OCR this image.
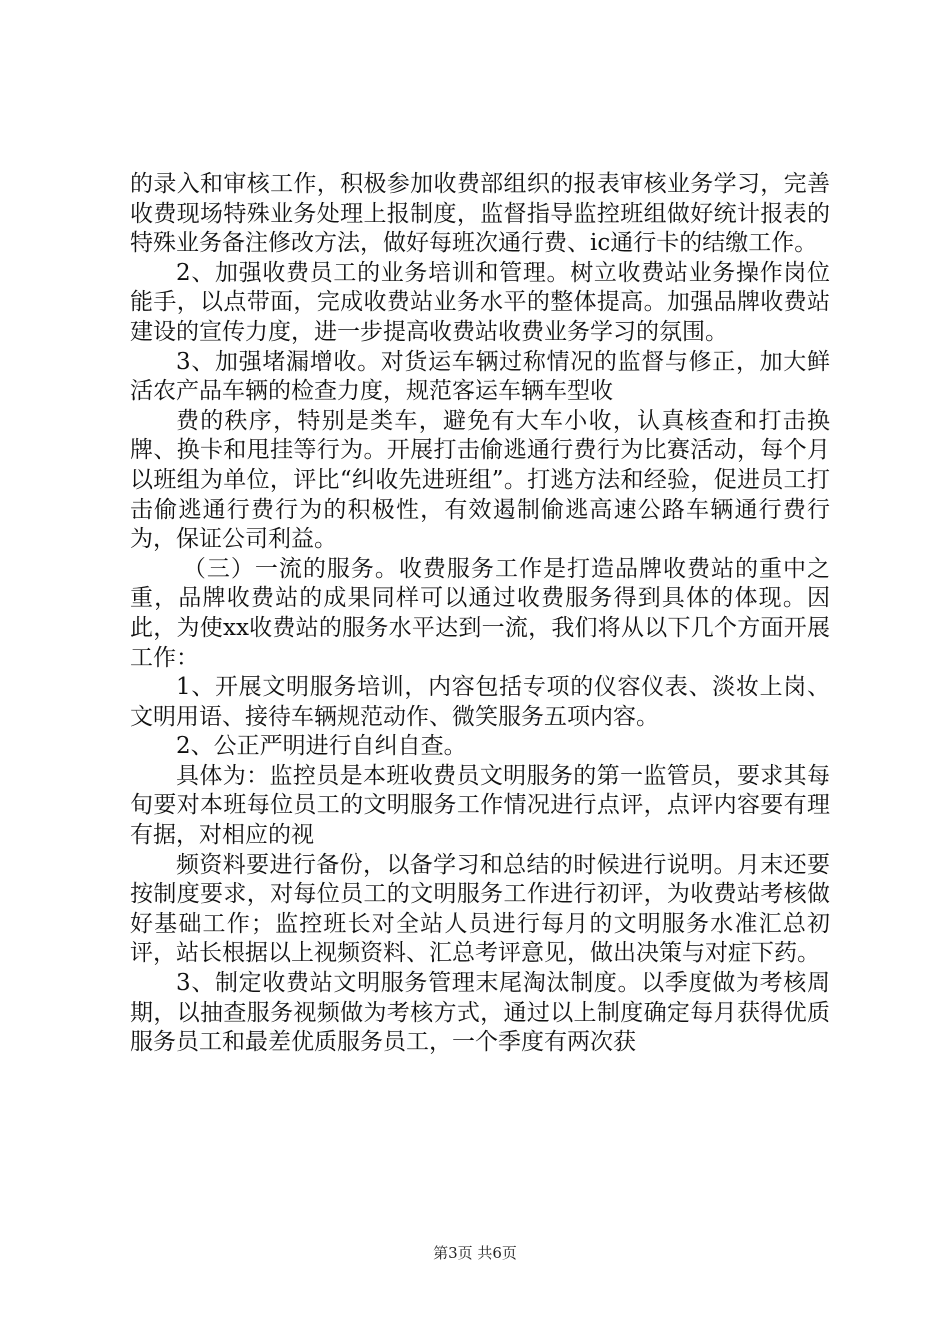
的录入和审核工作，积极参加收费部组织的报表审核业务学习，完善收费现场特殊业务处理上报制度，监督指导监控班组做好统计报表的特殊业务备注修改方法，做好每班次通行费、ic通行卡的结缴工作。

2、加强收费员工的业务培训和管理。树立收费站业务操作岗位能手，以点带面，完成收费站业务水平的整体提高。加强品牌收费站建设的宣传力度，进一步提高收费站收费业务学习的氛围。

3、加强堵漏增收。对货运车辆过称情况的监督与修正，加大鲜活农产品车辆的检查力度，规范客运车辆车型收

费的秩序，特别是类车，避免有大车小收，认真核查和打击换牌、换卡和甩挂等行为。开展打击偷逃通行费行为比赛活动，每个月以班组为单位，评比“纠收先进班组”。打逃方法和经验，促进员工打击偷逃通行费行为的积极性，有效遏制偷逃高速公路车辆通行费行为，保证公司利益。

（三）一流的服务。收费服务工作是打造品牌收费站的重中之重，品牌收费站的成果同样可以通过收费服务得到具体的体现。因此，为使xx收费站的服务水平达到一流，我们将从以下几个方面开展工作：

1、开展文明服务培训，内容包括专项的仪容仪表、淡妆上岗、文明用语、接待车辆规范动作、微笑服务五项内容。

2、公正严明进行自纠自查。

具体为：监控员是本班收费员文明服务的第一监管员，要求其每旬要对本班每位员工的文明服务工作情况进行点评，点评内容要有理有据，对相应的视

频资料要进行备份，以备学习和总结的时候进行说明。月末还要按制度要求，对每位员工的文明服务工作进行初评，为收费站考核做好基础工作；监控班长对全站人员进行每月的文明服务水准汇总初评，站长根据以上视频资料、汇总考评意见，做出决策与对症下药。

3、制定收费站文明服务管理末尾淘汰制度。以季度做为考核周期，以抽查服务视频做为考核方式，通过以上制度确定每月获得优质服务员工和最差优质服务员工，一个季度有两次获

第3页 共6页
